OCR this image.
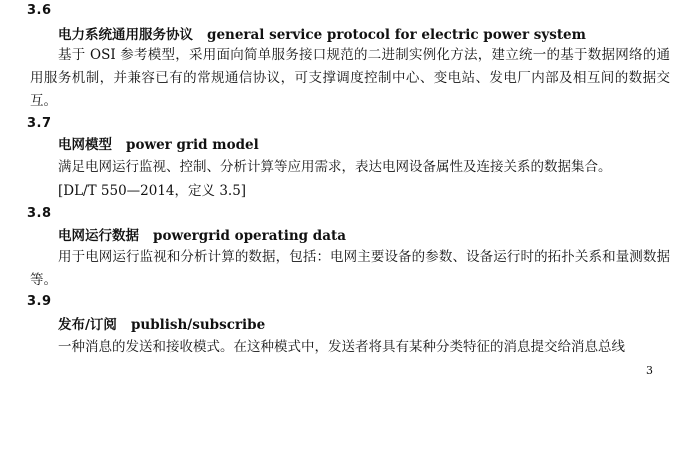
3.6
电力系统通用服务协议 general service protocol for electric power system
基于 OSI 参考模型，采用面向简单服务接口规范的二进制实例化方法，建立统一的基于数据网络的通用服务机制，并兼容已有的常规通信协议，可支撑调度控制中心、变电站、发电厂内部及相互间的数据交互。
3.7
电网模型 power grid model
满足电网运行监视、控制、分析计算等应用需求，表达电网设备属性及连接关系的数据集合。
[DL/T 550—2014，定义 3.5]
3.8
电网运行数据 powergrid operating data
用于电网运行监视和分析计算的数据，包括：电网主要设备的参数、设备运行时的拓扑关系和量测数据等。
3.9
发布/订阅 publish/subscribe
一种消息的发送和接收模式。在这种模式中，发送者将具有某种分类特征的消息提交给消息总线
3
